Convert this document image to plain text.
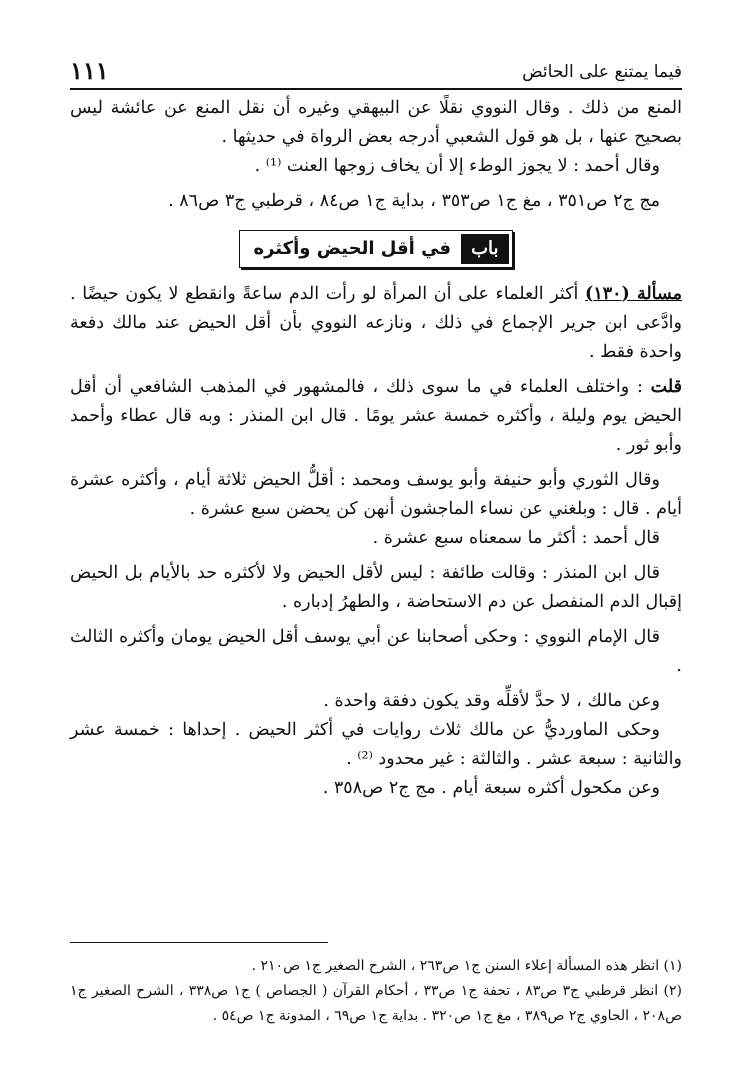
فيما يمتنع على الحائض
١١١

المنع من ذلك . وقال النووي نقلًا عن البيهقي وغيره أن نقل المنع عن عائشة ليس بصحيح عنها ، بل هو قول الشعبي أدرجه بعض الرواة في حديثها .

وقال أحمد : لا يجوز الوطء إلا أن يخاف زوجها العنت ⁽¹⁾ .

مج ج٢ ص٣٥١ ، مغ ج١ ص٣٥٣ ، بداية ج١ ص٨٤ ، قرطبي ج٣ ص٨٦ .

باب
في أقل الحيض وأكثره

مسألة (١٣٠) أكثر العلماء على أن المرأة لو رأت الدم ساعةً وانقطع لا يكون حيضًا . وادَّعى ابن جرير الإجماع في ذلك ، ونازعه النووي بأن أقل الحيض عند مالك دفعة واحدة فقط .

قلت : واختلف العلماء في ما سوى ذلك ، فالمشهور في المذهب الشافعي أن أقل الحيض يوم وليلة ، وأكثره خمسة عشر يومًا . قال ابن المنذر : وبه قال عطاء وأحمد وأبو ثور .

وقال الثوري وأبو حنيفة وأبو يوسف ومحمد : أقلُّ الحيض ثلاثة أيام ، وأكثره عشرة أيام . قال : وبلغني عن نساء الماجشون أنهن كن يحضن سبع عشرة .

قال أحمد : أكثر ما سمعناه سبع عشرة .

قال ابن المنذر : وقالت طائفة : ليس لأقل الحيض ولا لأكثره حد بالأيام بل الحيض إقبال الدم المنفصل عن دم الاستحاضة ، والطهرُ إدباره .

قال الإمام النووي : وحكى أصحابنا عن أبي يوسف أقل الحيض يومان وأكثره الثالث .

وعن مالك ، لا حدَّ لأقلِّه وقد يكون دفقة واحدة .

وحكى الماورديُّ عن مالك ثلاث روايات في أكثر الحيض . إحداها : خمسة عشر والثانية : سبعة عشر . والثالثة : غير محدود ⁽²⁾ .

وعن مكحول أكثره سبعة أيام . مج ج٢ ص٣٥٨ .

(١) انظر هذه المسألة إعلاء السنن ج١ ص٢٦٣ ، الشرح الصغير ج١ ص٢١٠ .

(٢) انظر قرطبي ج٣ ص٨٣ ، تحفة ج١ ص٣٣ ، أحكام القرآن ( الجصاص ) ج١ ص٣٣٨ ، الشرح الصغير ج١ ص٢٠٨ ، الحاوي ج٢ ص٣٨٩ ، مغ ج١ ص٣٢٠ . بداية ج١ ص٦٩ ، المدونة ج١ ص٥٤ .
